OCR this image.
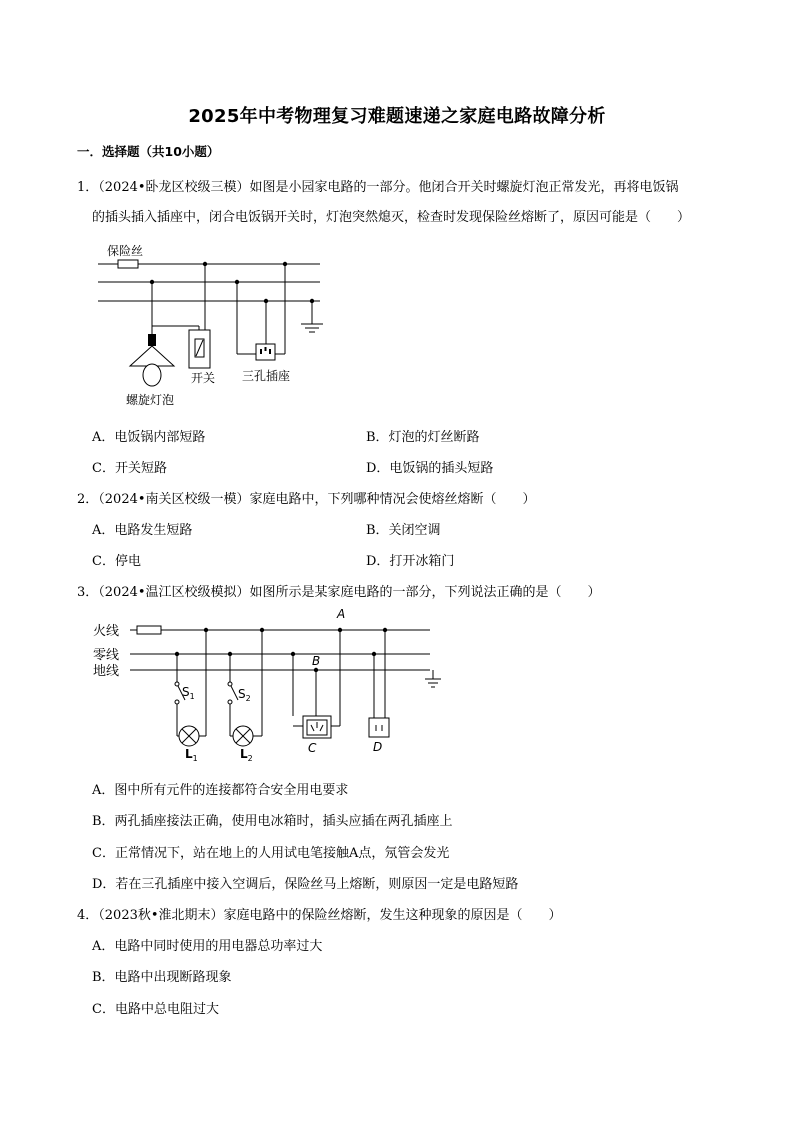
2025年中考物理复习难题速递之家庭电路故障分析
一．选择题（共10小题）
1．（2024•卧龙区校级三模）如图是小园家电路的一部分。他闭合开关时螺旋灯泡正常发光，再将电饭锅
的插头插入插座中，闭合电饭锅开关时，灯泡突然熄灭，检查时发现保险丝熔断了，原因可能是（　　）
保险丝
螺旋灯泡
开关 三孔插座
A．电饭锅内部短路	B．灯泡的灯丝断路
C．开关短路	D．电饭锅的插头短路
2．（2024•南关区校级一模）家庭电路中，下列哪种情况会使熔丝熔断（　　）
A．电路发生短路	B．关闭空调
C．停电	D．打开冰箱门
3．（2024•温江区校级模拟）如图所示是某家庭电路的一部分，下列说法正确的是（　　）
火线
零线
地线
A
B
C	D
$S_1$	$S_2$
$L_1$	$L_2$
A．图中所有元件的连接都符合安全用电要求
B．两孔插座接法正确，使用电冰箱时，插头应插在两孔插座上
C．正常情况下，站在地上的人用试电笔接触A点，氖管会发光
D．若在三孔插座中接入空调后，保险丝马上熔断，则原因一定是电路短路
4．（2023秋•淮北期末）家庭电路中的保险丝熔断，发生这种现象的原因是（　　）
A．电路中同时使用的用电器总功率过大
B．电路中出现断路现象
C．电路中总电阻过大
